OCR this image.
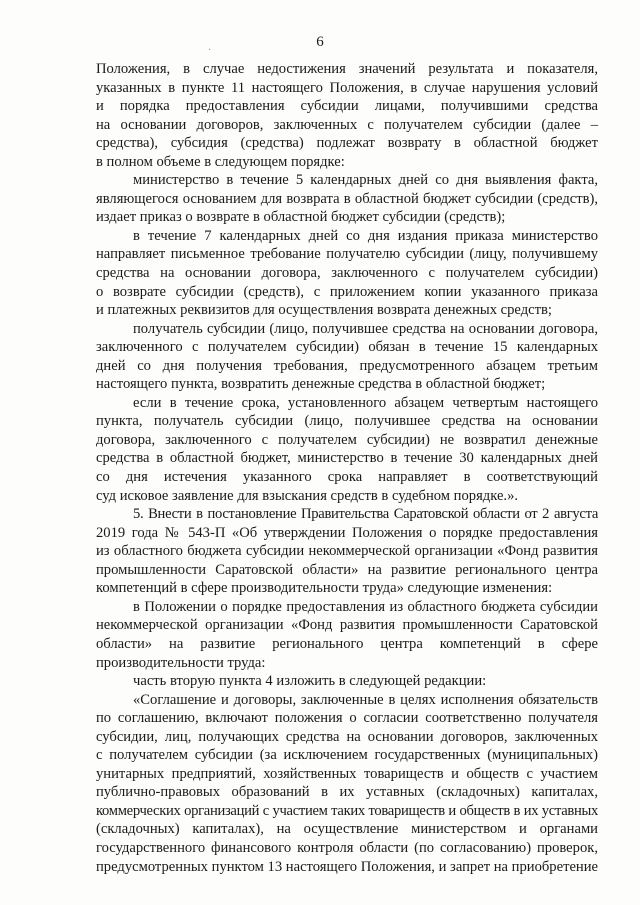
6
·
Положения, в случае недостижения значений результата и показателя,
указанных в пункте 11 настоящего Положения, в случае нарушения условий
и порядка предоставления субсидии лицами, получившими средства
на основании договоров, заключенных с получателем субсидии (далее –
средства), субсидия (средства) подлежат возврату в областной бюджет
в полном объеме в следующем порядке:
министерство в течение 5 календарных дней со дня выявления факта,
являющегося основанием для возврата в областной бюджет субсидии (средств),
издает приказ о возврате в областной бюджет субсидии (средств);
в течение 7 календарных дней со дня издания приказа министерство
направляет письменное требование получателю субсидии (лицу, получившему
средства на основании договора, заключенного с получателем субсидии)
о возврате субсидии (средств), с приложением копии указанного приказа
и платежных реквизитов для осуществления возврата денежных средств;
получатель субсидии (лицо, получившее средства на основании договора,
заключенного с получателем субсидии) обязан в течение 15 календарных
дней со дня получения требования, предусмотренного абзацем третьим
настоящего пункта, возвратить денежные средства в областной бюджет;
если в течение срока, установленного абзацем четвертым настоящего
пункта, получатель субсидии (лицо, получившее средства на основании
договора, заключенного с получателем субсидии) не возвратил денежные
средства в областной бюджет, министерство в течение 30 календарных дней
со дня истечения указанного срока направляет в соответствующий
суд исковое заявление для взыскания средств в судебном порядке.».
5. Внести в постановление Правительства Саратовской области от 2 августа
2019 года № 543-П «Об утверждении Положения о порядке предоставления
из областного бюджета субсидии некоммерческой организации «Фонд развития
промышленности Саратовской области» на развитие регионального центра
компетенций в сфере производительности труда» следующие изменения:
в Положении о порядке предоставления из областного бюджета субсидии
некоммерческой организации «Фонд развития промышленности Саратовской
области» на развитие регионального центра компетенций в сфере
производительности труда:
часть вторую пункта 4 изложить в следующей редакции:
«Соглашение и договоры, заключенные в целях исполнения обязательств
по соглашению, включают положения о согласии соответственно получателя
субсидии, лиц, получающих средства на основании договоров, заключенных
с получателем субсидии (за исключением государственных (муниципальных)
унитарных предприятий, хозяйственных товариществ и обществ с участием
публично-правовых образований в их уставных (складочных) капиталах,
коммерческих организаций с участием таких товариществ и обществ в их уставных
(складочных) капиталах), на осуществление министерством и органами
государственного финансового контроля области (по согласованию) проверок,
предусмотренных пунктом 13 настоящего Положения, и запрет на приобретение
